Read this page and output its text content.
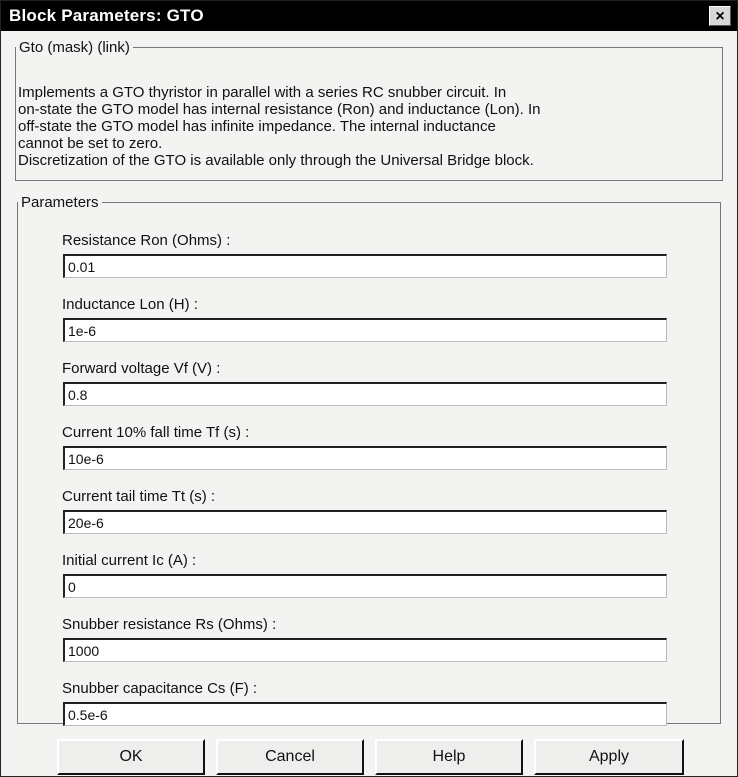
Block Parameters: GTO	×
Gto (mask) (link)
Implements a GTO thyristor in parallel with a series RC snubber circuit. In
on-state the GTO model has internal resistance (Ron) and inductance (Lon). In
off-state the GTO model has infinite impedance. The internal inductance
cannot be set to zero.
Discretization of the GTO is available only through the Universal Bridge block.
Parameters
Resistance Ron (Ohms) :
0.01
Inductance Lon (H) :
1e-6
Forward voltage Vf (V) :
0.8
Current 10% fall time Tf (s) :
10e-6
Current tail time Tt (s) :
20e-6
Initial current Ic (A) :
0
Snubber resistance Rs (Ohms) :
1000
Snubber capacitance Cs (F) :
0.5e-6
OK	Cancel	Help	Apply
